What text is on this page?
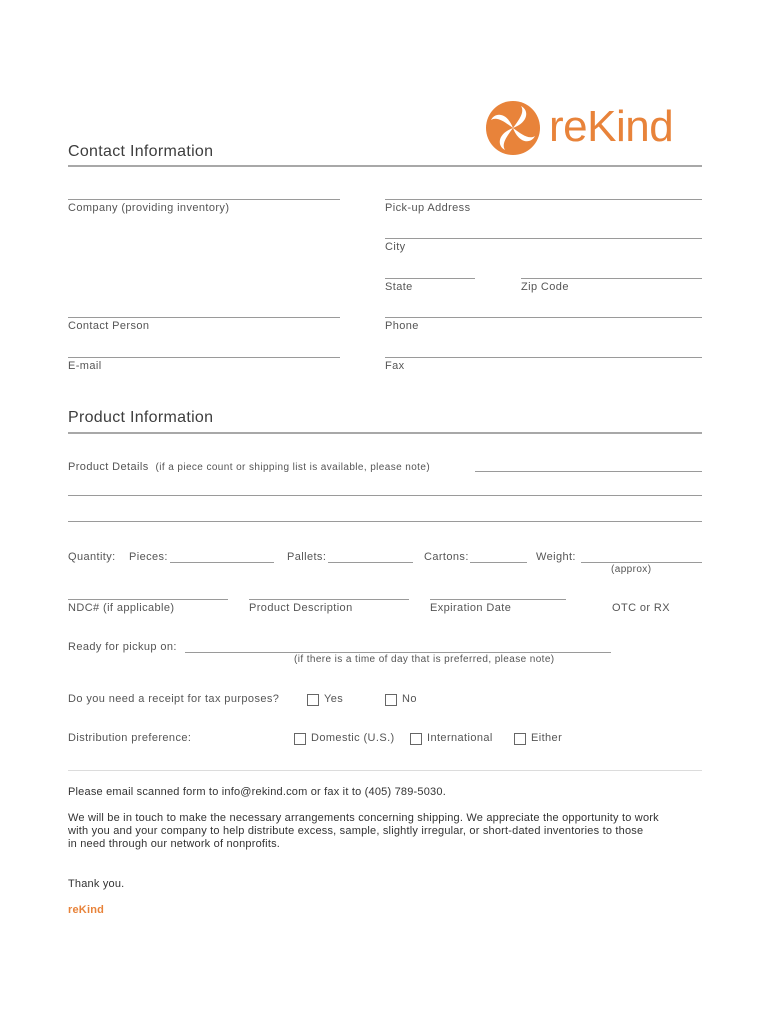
reKind
Contact Information
Company (providing inventory)	Pick-up Address
City
State	Zip Code
Contact Person	Phone
E-mail	Fax
Product Information
Product Details (if a piece count or shipping list is available, please note)
Quantity: Pieces:	Pallets:	Cartons:	Weight:
(approx)
NDC# (if applicable)	Product Description	Expiration Date	OTC or RX
Ready for pickup on:
(if there is a time of day that is preferred, please note)
Do you need a receipt for tax purposes?	Yes	No
Distribution preference:	Domestic (U.S.)	International	Either
Please email scanned form to info@rekind.com or fax it to (405) 789-5030.
We will be in touch to make the necessary arrangements concerning shipping. We appreciate the opportunity to work
with you and your company to help distribute excess, sample, slightly irregular, or short-dated inventories to those
in need through our network of nonprofits.
Thank you.
reKind
